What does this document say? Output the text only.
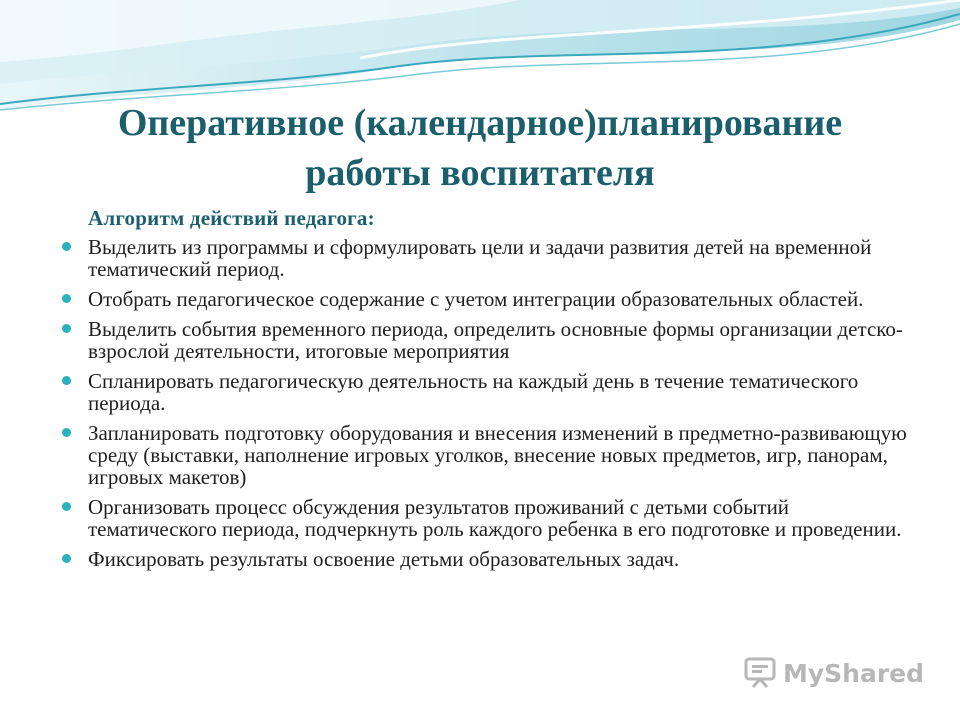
Оперативное (календарное)планирование
работы воспитателя

Алгоритм действий педагога:

Выделить из программы и сформулировать цели и задачи развития детей на временной тематический период.
Отобрать педагогическое содержание с учетом интеграции образовательных областей.
Выделить события временного периода, определить основные формы организации детско-взрослой деятельности, итоговые мероприятия
Спланировать педагогическую деятельность на каждый день в течение тематического периода.
Запланировать подготовку оборудования и внесения изменений в предметно-развивающую среду (выставки, наполнение игровых уголков, внесение новых предметов, игр, панорам, игровых макетов)
Организовать процесс обсуждения результатов проживаний с детьми событий тематического периода, подчеркнуть роль каждого ребенка в его подготовке и проведении.
Фиксировать результаты освоение детьми образовательных задач.
MyShared
